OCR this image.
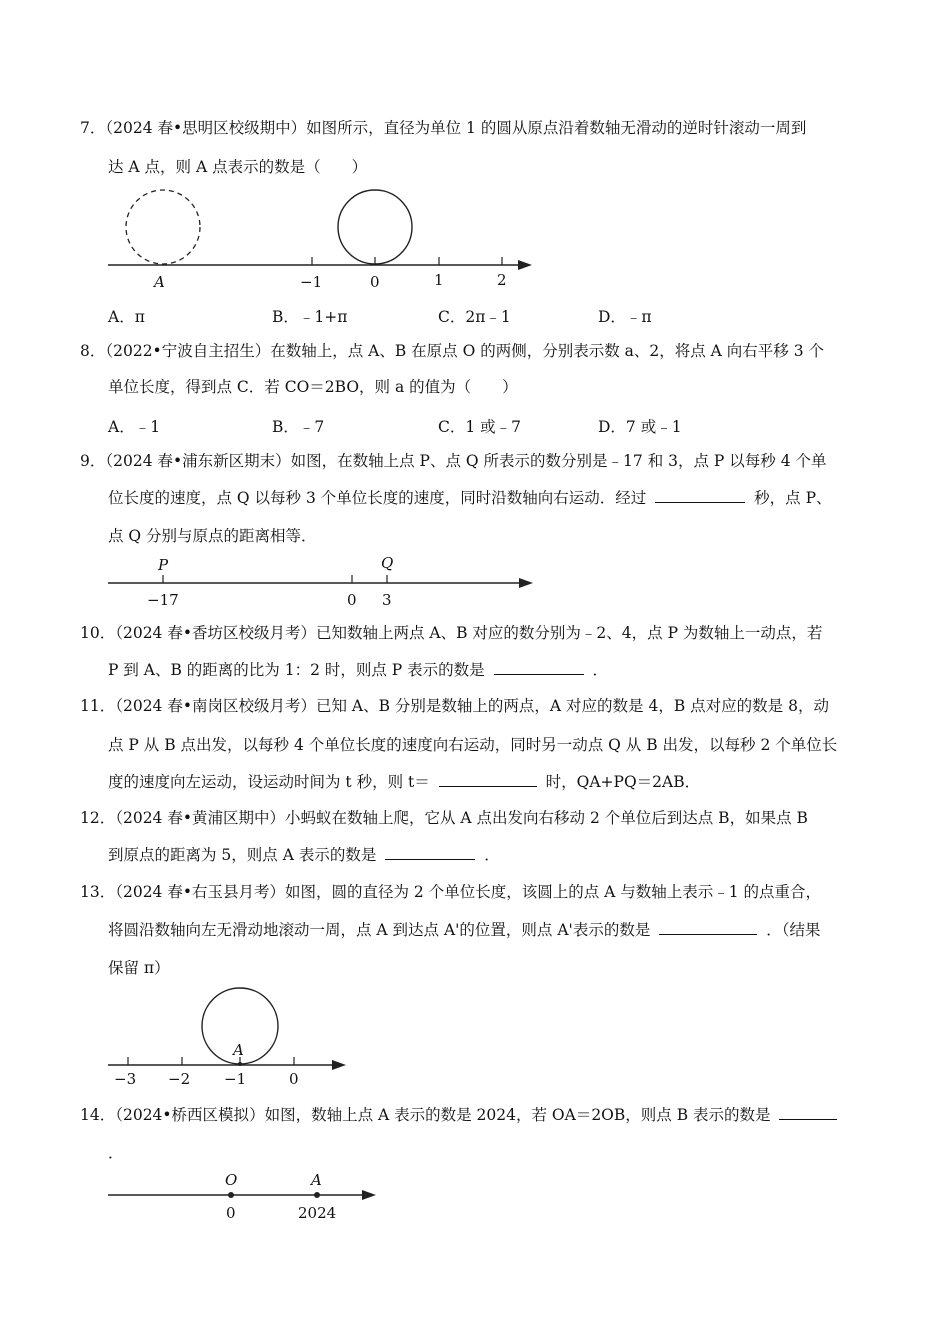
7．（2024 春•思明区校级期中）如图所示，直径为单位 1 的圆从原点沿着数轴无滑动的逆时针滚动一周到
达 A 点，则 A 点表示的数是（　　）
A	−1	0	1	2
A．π	B．﹣1+π	C．2π﹣1	D．﹣π
8．（2022•宁波自主招生）在数轴上，点 A、B 在原点 O 的两侧，分别表示数 a、2，将点 A 向右平移 3 个
单位长度，得到点 C．若 CO＝2BO，则 a 的值为（　　）
A．﹣1	B．﹣7	C．1 或﹣7	D．7 或﹣1
9．（2024 春•浦东新区期末）如图，在数轴上点 P、点 Q 所表示的数分别是﹣17 和 3，点 P 以每秒 4 个单
位长度的速度，点 Q 以每秒 3 个单位长度的速度，同时沿数轴向右运动．经过	秒，点 P、
点 Q 分别与原点的距离相等．
P	Q
−17	0 3
10．（2024 春•香坊区校级月考）已知数轴上两点 A、B 对应的数分别为﹣2、4，点 P 为数轴上一动点，若
P 到 A、B 的距离的比为 1：2 时，则点 P 表示的数是	．
11．（2024 春•南岗区校级月考）已知 A、B 分别是数轴上的两点，A 对应的数是 4，B 点对应的数是 8，动
点 P 从 B 点出发，以每秒 4 个单位长度的速度向右运动，同时另一动点 Q 从 B 出发，以每秒 2 个单位长
度的速度向左运动，设运动时间为 t 秒，则 t＝	时，QA+PQ＝2AB．
12．（2024 春•黄浦区期中）小蚂蚁在数轴上爬，它从 A 点出发向右移动 2 个单位后到达点 B，如果点 B
到原点的距离为 5，则点 A 表示的数是	．
13．（2024 春•右玉县月考）如图，圆的直径为 2 个单位长度，该圆上的点 A 与数轴上表示﹣1 的点重合，
将圆沿数轴向左无滑动地滚动一周，点 A 到达点 A'的位置，则点 A'表示的数是	．（结果
保留 π）
A
−3 −2 −1	0
14．（2024•桥西区模拟）如图，数轴上点 A 表示的数是 2024，若 OA＝2OB，则点 B 表示的数是
．
O	A
0	2024
